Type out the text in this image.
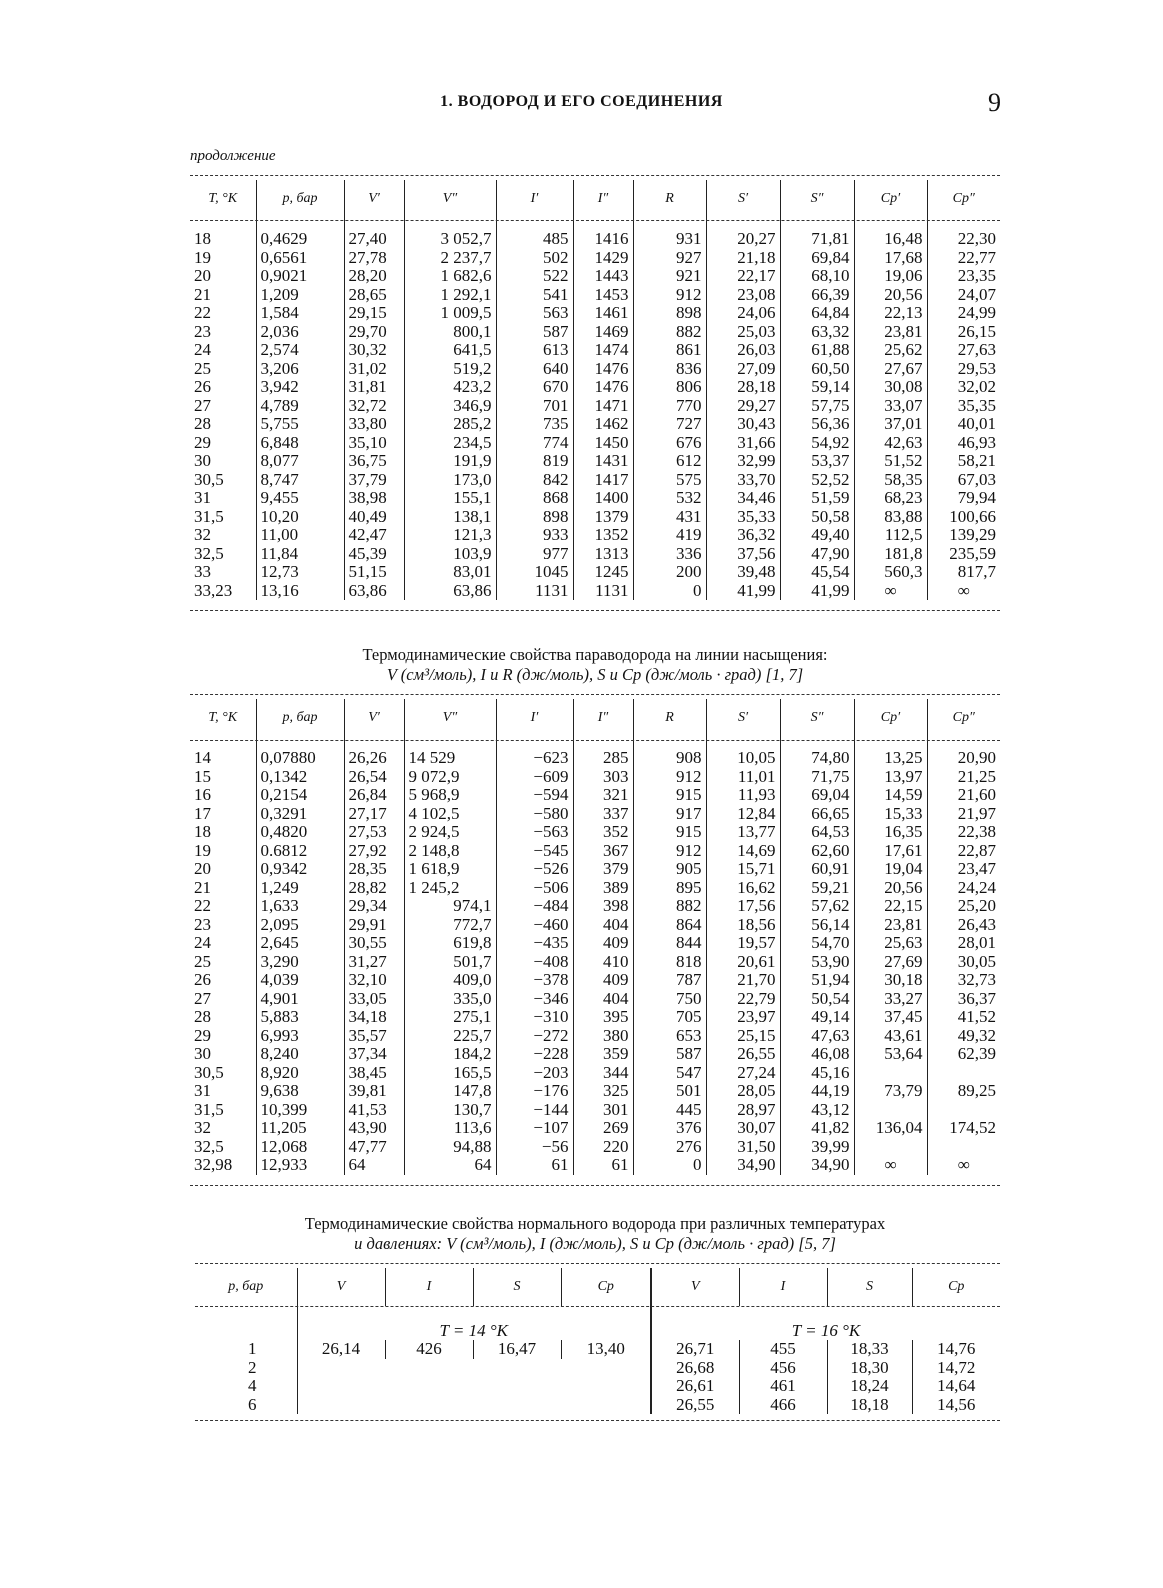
1. ВОДОРОД И ЕГО СОЕДИНЕНИЯ	9
продолжение
T, °K	p, бар	V′	V″	I′	I″	R	S′	S″	Cp′	Cp″

18	0,4629	27,40	3 052,7	485	1416	931	20,27	71,81	16,48	22,30
19	0,6561	27,78	2 237,7	502	1429	927	21,18	69,84	17,68	22,77
20	0,9021	28,20	1 682,6	522	1443	921	22,17	68,10	19,06	23,35
21	1,209	28,65	1 292,1	541	1453	912	23,08	66,39	20,56	24,07
22	1,584	29,15	1 009,5	563	1461	898	24,06	64,84	22,13	24,99
23	2,036	29,70	800,1	587	1469	882	25,03	63,32	23,81	26,15
24	2,574	30,32	641,5	613	1474	861	26,03	61,88	25,62	27,63
25	3,206	31,02	519,2	640	1476	836	27,09	60,50	27,67	29,53
26	3,942	31,81	423,2	670	1476	806	28,18	59,14	30,08	32,02
27	4,789	32,72	346,9	701	1471	770	29,27	57,75	33,07	35,35
28	5,755	33,80	285,2	735	1462	727	30,43	56,36	37,01	40,01
29	6,848	35,10	234,5	774	1450	676	31,66	54,92	42,63	46,93
30	8,077	36,75	191,9	819	1431	612	32,99	53,37	51,52	58,21
30,5	8,747	37,79	173,0	842	1417	575	33,70	52,52	58,35	67,03
31	9,455	38,98	155,1	868	1400	532	34,46	51,59	68,23	79,94
31,5	10,20	40,49	138,1	898	1379	431	35,33	50,58	83,88	100,66
32	11,00	42,47	121,3	933	1352	419	36,32	49,40	112,5	139,29
32,5	11,84	45,39	103,9	977	1313	336	37,56	47,90	181,8	235,59
33	12,73	51,15	83,01	1045	1245	200	39,48	45,54	560,3	817,7
33,23	13,16	63,86	63,86	1131	1131	0	41,99	41,99	∞	∞
Термодинамические свойства параводорода на линии насыщения:
V (см³/моль), I и R (дж/моль), S и Cp (дж/моль · град) [1, 7]
T, °K	p, бар	V′	V″	I′	I″	R	S′	S″	Cp′	Cp″

14	0,07880	26,26	14 529	−623	285	908	10,05	74,80	13,25	20,90
15	0,1342	26,54	9 072,9	−609	303	912	11,01	71,75	13,97	21,25
16	0,2154	26,84	5 968,9	−594	321	915	11,93	69,04	14,59	21,60
17	0,3291	27,17	4 102,5	−580	337	917	12,84	66,65	15,33	21,97
18	0,4820	27,53	2 924,5	−563	352	915	13,77	64,53	16,35	22,38
19	0.6812	27,92	2 148,8	−545	367	912	14,69	62,60	17,61	22,87
20	0,9342	28,35	1 618,9	−526	379	905	15,71	60,91	19,04	23,47
21	1,249	28,82	1 245,2	−506	389	895	16,62	59,21	20,56	24,24
22	1,633	29,34	974,1	−484	398	882	17,56	57,62	22,15	25,20
23	2,095	29,91	772,7	−460	404	864	18,56	56,14	23,81	26,43
24	2,645	30,55	619,8	−435	409	844	19,57	54,70	25,63	28,01
25	3,290	31,27	501,7	−408	410	818	20,61	53,90	27,69	30,05
26	4,039	32,10	409,0	−378	409	787	21,70	51,94	30,18	32,73
27	4,901	33,05	335,0	−346	404	750	22,79	50,54	33,27	36,37
28	5,883	34,18	275,1	−310	395	705	23,97	49,14	37,45	41,52
29	6,993	35,57	225,7	−272	380	653	25,15	47,63	43,61	49,32
30	8,240	37,34	184,2	−228	359	587	26,55	46,08	53,64	62,39
30,5	8,920	38,45	165,5	−203	344	547	27,24	45,16		
31	9,638	39,81	147,8	−176	325	501	28,05	44,19	73,79	89,25
31,5	10,399	41,53	130,7	−144	301	445	28,97	43,12		
32	11,205	43,90	113,6	−107	269	376	30,07	41,82	136,04	174,52
32,5	12,068	47,77	94,88	−56	220	276	31,50	39,99		
32,98	12,933	64	64	61	61	0	34,90	34,90	∞	∞
Термодинамические свойства нормального водорода при различных температурах
и давлениях: V (см³/моль), I (дж/моль), S и Cp (дж/моль · град) [5, 7]
p, бар	V	I	S	Cp	V	I	S	Cp
	T = 14 °K				T = 16 °K			
1	26,14	426	16,47	13,40	26,71	455	18,33	14,76
2					26,68	456	18,30	14,72
4					26,61	461	18,24	14,64
6					26,55	466	18,18	14,56
